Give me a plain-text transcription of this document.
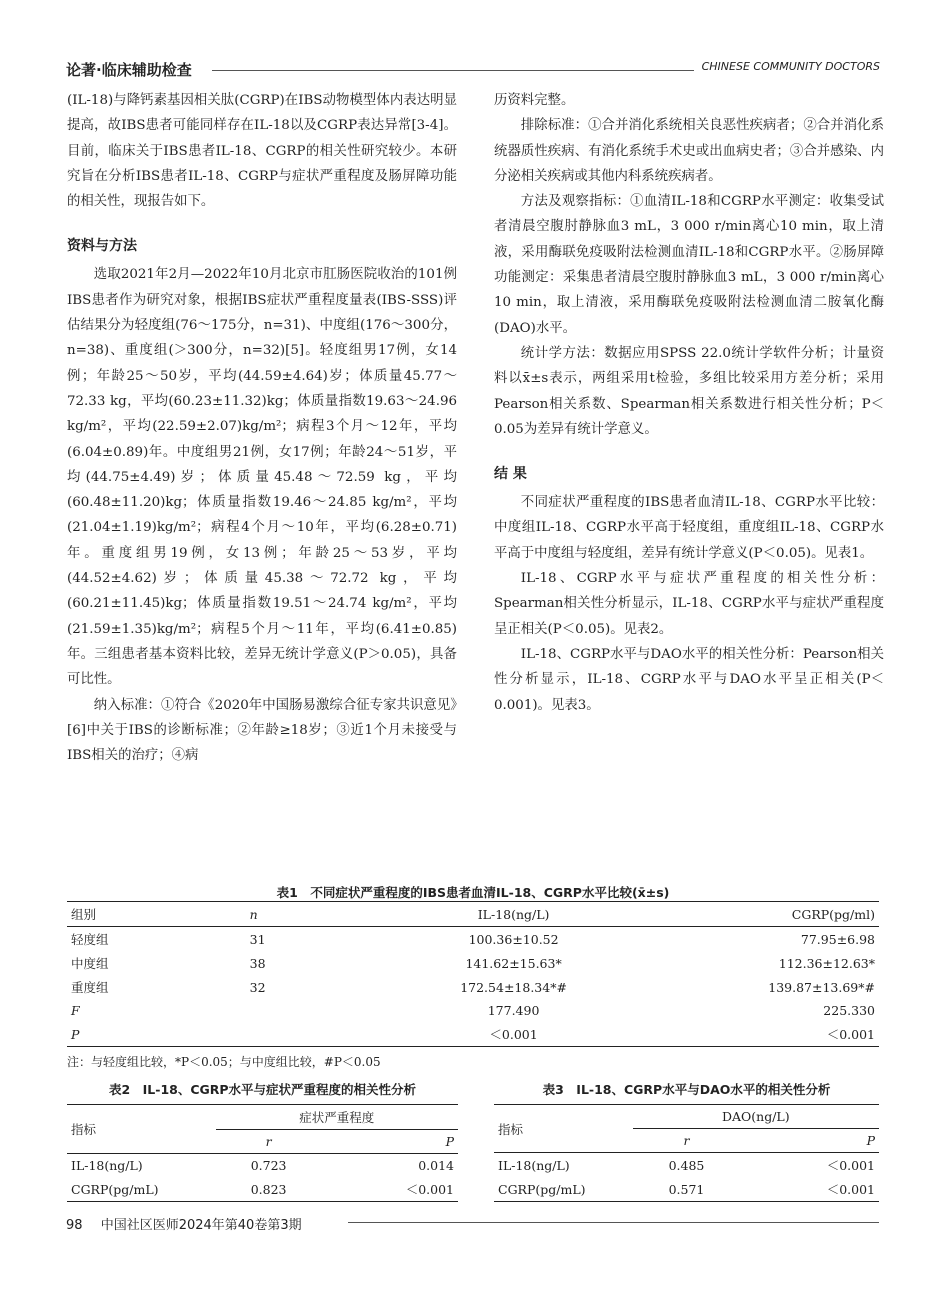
论著·临床辅助检查	CHINESE COMMUNITY DOCTORS

(IL-18)与降钙素基因相关肽(CGRP)在IBS动物模型体内表达明显提高，故IBS患者可能同样存在IL-18以及CGRP表达异常[3-4]。目前，临床关于IBS患者IL-18、CGRP的相关性研究较少。本研究旨在分析IBS患者IL-18、CGRP与症状严重程度及肠屏障功能的相关性，现报告如下。

资料与方法

选取2021年2月—2022年10月北京市肛肠医院收治的101例IBS患者作为研究对象，根据IBS症状严重程度量表(IBS-SSS)评估结果分为轻度组(76～175分，n=31)、中度组(176～300分，n=38)、重度组(＞300分，n=32)[5]。轻度组男17例，女14例；年龄25～50岁，平均(44.59±4.64)岁；体质量45.77～72.33 kg，平均(60.23±11.32)kg；体质量指数19.63～24.96 kg/m²，平均(22.59±2.07)kg/m²；病程3个月～12年，平均(6.04±0.89)年。中度组男21例，女17例；年龄24～51岁，平均(44.75±4.49)岁；体质量45.48～72.59 kg，平均(60.48±11.20)kg；体质量指数19.46～24.85 kg/m²，平均(21.04±1.19)kg/m²；病程4个月～10年，平均(6.28±0.71)年。重度组男19例，女13例；年龄25～53岁，平均(44.52±4.62)岁；体质量45.38～72.72 kg，平均(60.21±11.45)kg；体质量指数19.51～24.74 kg/m²，平均(21.59±1.35)kg/m²；病程5个月～11年，平均(6.41±0.85)年。三组患者基本资料比较，差异无统计学意义(P＞0.05)，具备可比性。

纳入标准：①符合《2020年中国肠易激综合征专家共识意见》[6]中关于IBS的诊断标准；②年龄≥18岁；③近1个月未接受与IBS相关的治疗；④病

历资料完整。

排除标准：①合并消化系统相关良恶性疾病者；②合并消化系统器质性疾病、有消化系统手术史或出血病史者；③合并感染、内分泌相关疾病或其他内科系统疾病者。

方法及观察指标：①血清IL-18和CGRP水平测定：收集受试者清晨空腹肘静脉血3 mL，3 000 r/min离心10 min，取上清液，采用酶联免疫吸附法检测血清IL-18和CGRP水平。②肠屏障功能测定：采集患者清晨空腹肘静脉血3 mL，3 000 r/min离心10 min，取上清液，采用酶联免疫吸附法检测血清二胺氧化酶(DAO)水平。

统计学方法：数据应用SPSS 22.0统计学软件分析；计量资料以x̄±s表示，两组采用t检验，多组比较采用方差分析；采用Pearson相关系数、Spearman相关系数进行相关性分析；P＜0.05为差异有统计学意义。

结 果

不同症状严重程度的IBS患者血清IL-18、CGRP水平比较：中度组IL-18、CGRP水平高于轻度组，重度组IL-18、CGRP水平高于中度组与轻度组，差异有统计学意义(P＜0.05)。见表1。

IL-18、CGRP水平与症状严重程度的相关性分析：Spearman相关性分析显示，IL-18、CGRP水平与症状严重程度呈正相关(P＜0.05)。见表2。

IL-18、CGRP水平与DAO水平的相关性分析：Pearson相关性分析显示，IL-18、CGRP水平与DAO水平呈正相关(P＜0.001)。见表3。

表1　不同症状严重程度的IBS患者血清IL-18、CGRP水平比较(x̄±s)
组别	n	IL-18(ng/L)	CGRP(pg/ml)
轻度组	31	100.36±10.52	77.95±6.98
中度组	38	141.62±15.63*	112.36±12.63*
重度组	32	172.54±18.34*#	139.87±13.69*#
F		177.490	225.330
P		＜0.001	＜0.001
注：与轻度组比较，*P＜0.05；与中度组比较，#P＜0.05
表2　IL-18、CGRP水平与症状严重程度的相关性分析
指标	症状严重程度	
	r	P
IL-18(ng/L)	0.723	0.014
CGRP(pg/mL)	0.823	＜0.001
表3　IL-18、CGRP水平与DAO水平的相关性分析
指标	DAO(ng/L)	
	r	P
IL-18(ng/L)	0.485	＜0.001
CGRP(pg/mL)	0.571	＜0.001
98 中国社区医师2024年第40卷第3期
